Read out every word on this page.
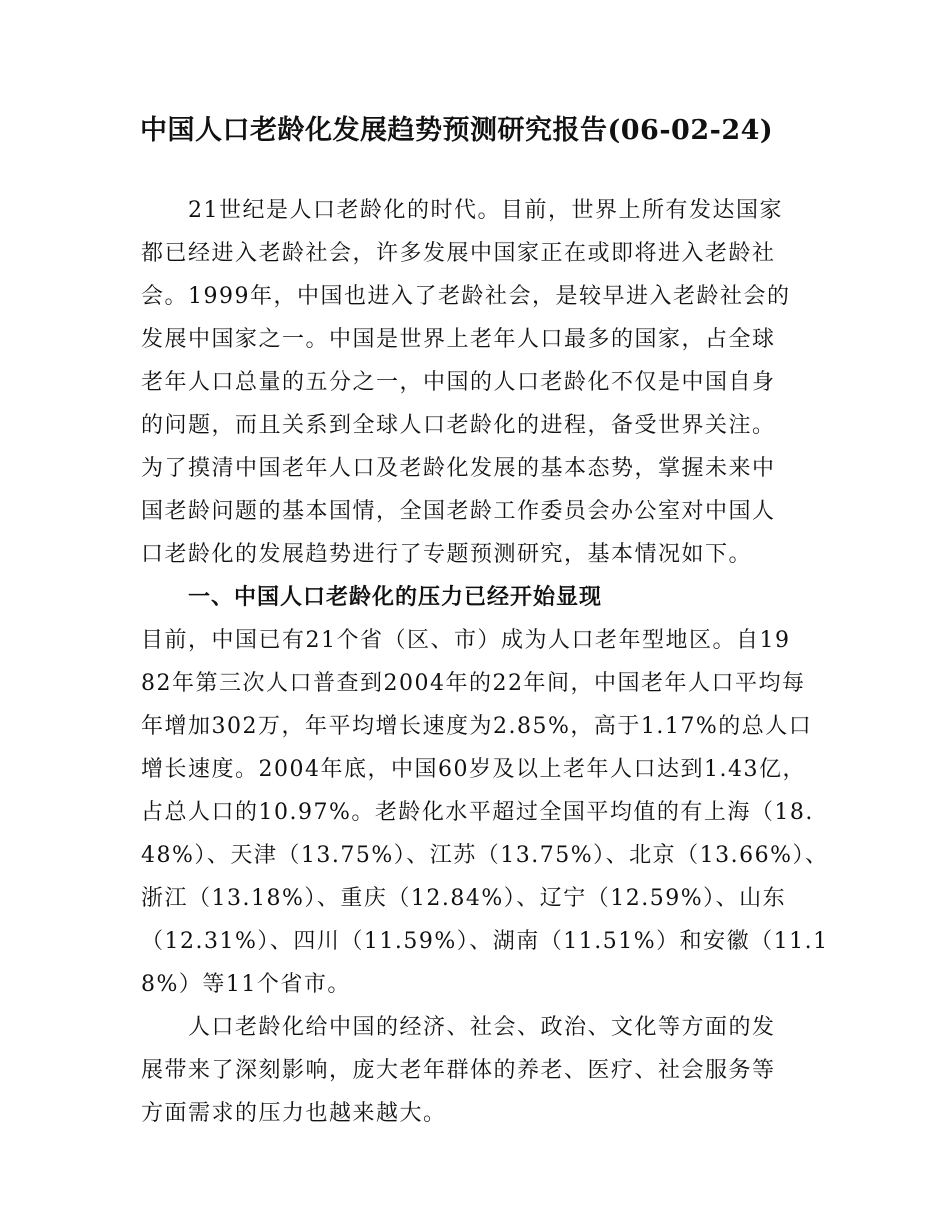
中国人口老龄化发展趋势预测研究报告(06-02-24)
21世纪是人口老龄化的时代。目前，世界上所有发达国家
都已经进入老龄社会，许多发展中国家正在或即将进入老龄社
会。1999年，中国也进入了老龄社会，是较早进入老龄社会的
发展中国家之一。中国是世界上老年人口最多的国家，占全球
老年人口总量的五分之一，中国的人口老龄化不仅是中国自身
的问题，而且关系到全球人口老龄化的进程，备受世界关注。
为了摸清中国老年人口及老龄化发展的基本态势，掌握未来中
国老龄问题的基本国情，全国老龄工作委员会办公室对中国人
口老龄化的发展趋势进行了专题预测研究，基本情况如下。
一、中国人口老龄化的压力已经开始显现
目前，中国已有21个省（区、市）成为人口老年型地区。自19
82年第三次人口普查到2004年的22年间，中国老年人口平均每
年增加302万，年平均增长速度为2.85%，高于1.17%的总人口
增长速度。2004年底，中国60岁及以上老年人口达到1.43亿，
占总人口的10.97%。老龄化水平超过全国平均值的有上海（18.
48%）、天津（13.75%）、江苏（13.75%）、北京（13.66%）、
浙江（13.18%）、重庆（12.84%）、辽宁（12.59%）、山东
（12.31%）、四川（11.59%）、湖南（11.51%）和安徽（11.1
8%）等11个省市。
人口老龄化给中国的经济、社会、政治、文化等方面的发
展带来了深刻影响，庞大老年群体的养老、医疗、社会服务等
方面需求的压力也越来越大。
